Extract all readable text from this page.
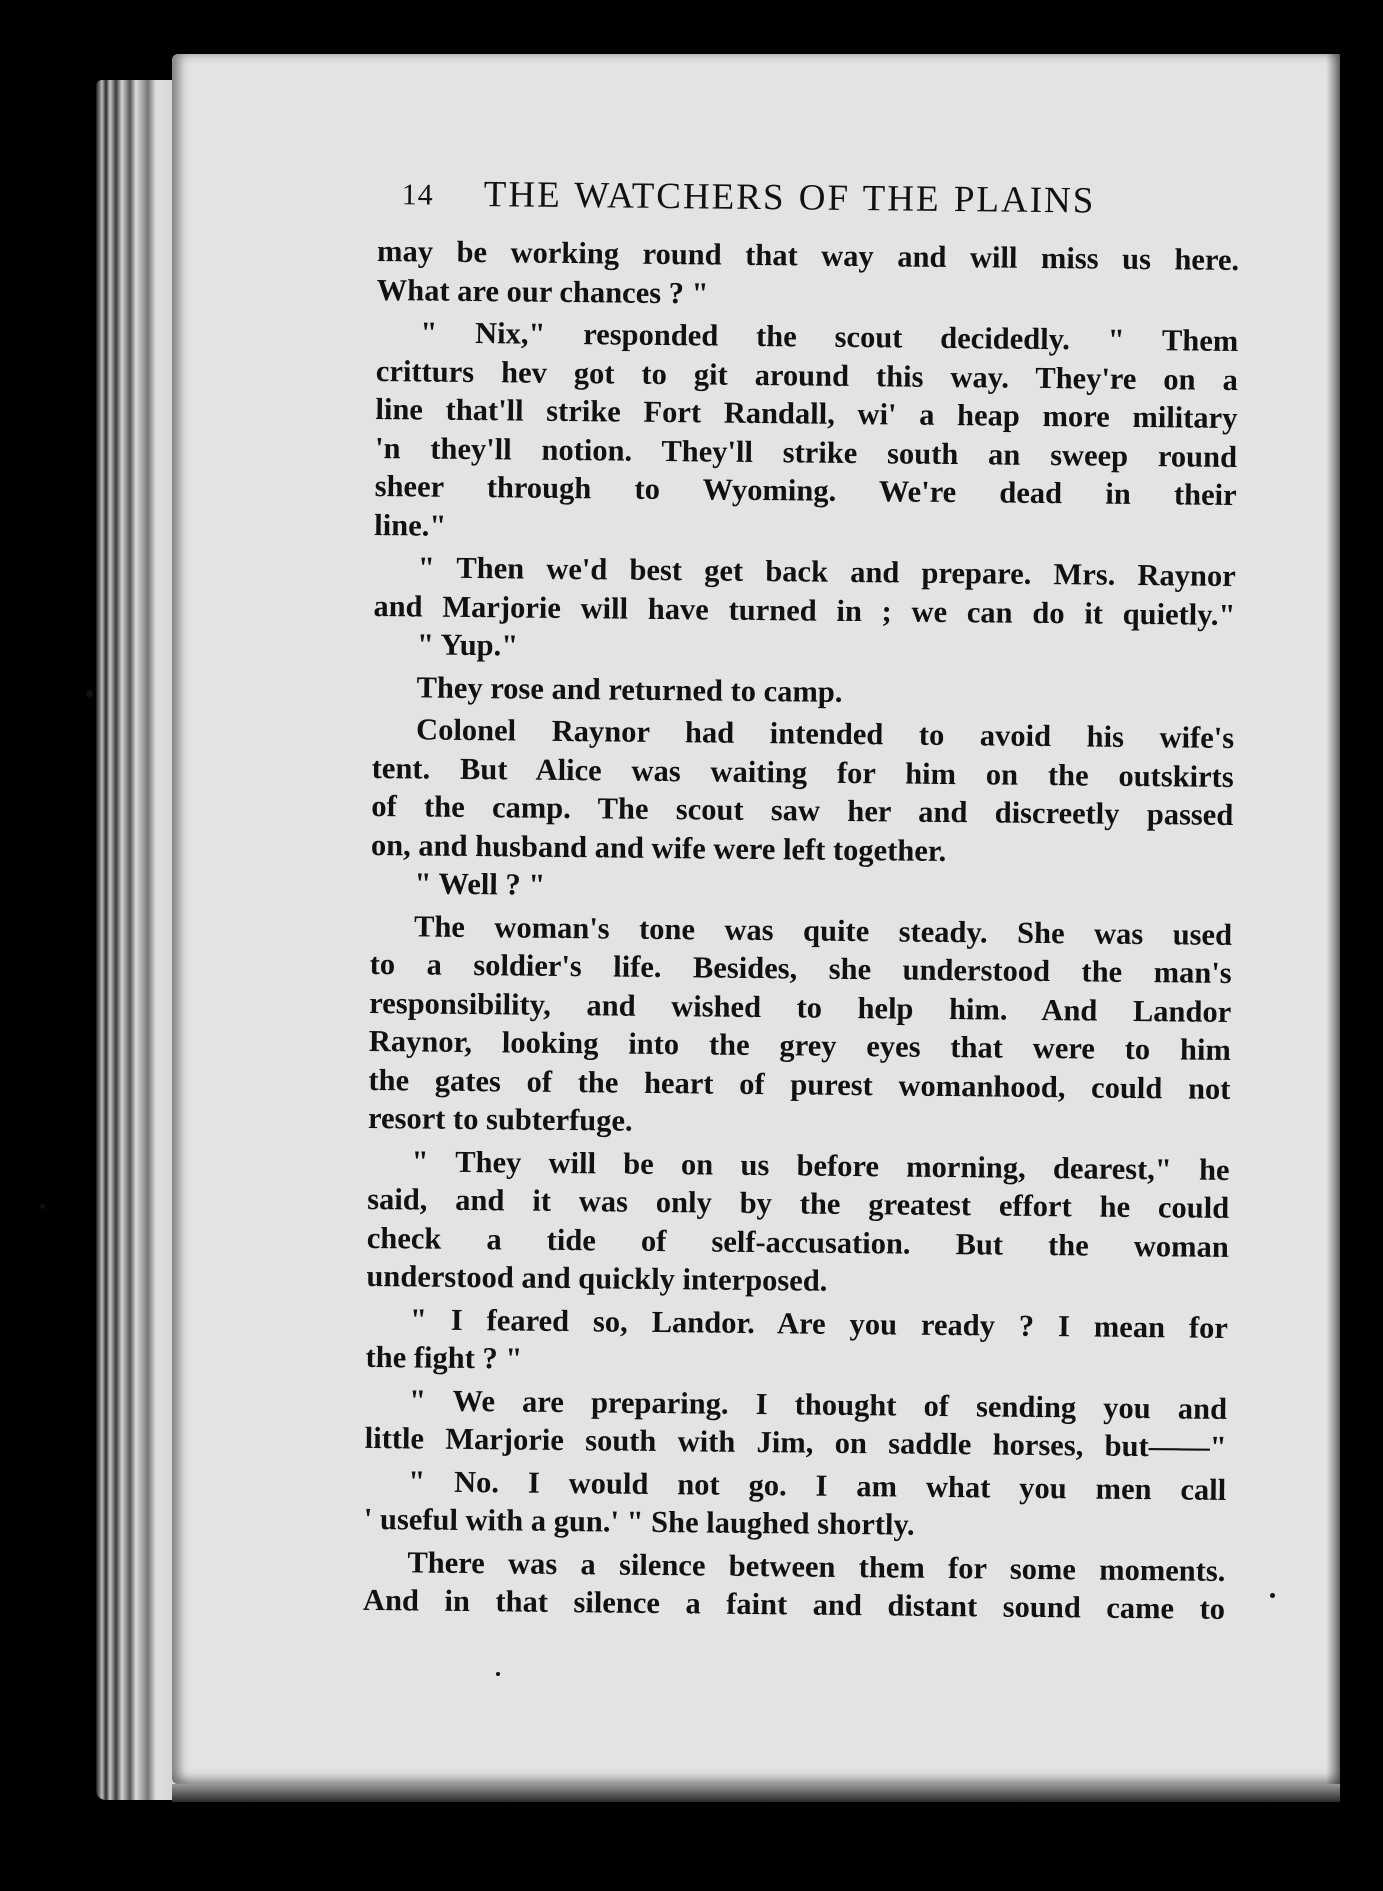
14 THE WATCHERS OF THE PLAINS
may be working round that way and will miss us here.
What are our chances ? "
" Nix," responded the scout decidedly. " Them
critturs hev got to git around this way. They're on a
line that'll strike Fort Randall, wi' a heap more military
'n they'll notion. They'll strike south an sweep round
sheer through to Wyoming. We're dead in their
line."
" Then we'd best get back and prepare. Mrs. Raynor
and Marjorie will have turned in ; we can do it quietly."
" Yup."
They rose and returned to camp.
Colonel Raynor had intended to avoid his wife's
tent. But Alice was waiting for him on the outskirts
of the camp. The scout saw her and discreetly passed
on, and husband and wife were left together.
" Well ? "
The woman's tone was quite steady. She was used
to a soldier's life. Besides, she understood the man's
responsibility, and wished to help him. And Landor
Raynor, looking into the grey eyes that were to him
the gates of the heart of purest womanhood, could not
resort to subterfuge.
" They will be on us before morning, dearest," he
said, and it was only by the greatest effort he could
check a tide of self-accusation. But the woman
understood and quickly interposed.
" I feared so, Landor. Are you ready ? I mean for
the fight ? "
" We are preparing. I thought of sending you and
little Marjorie south with Jim, on saddle horses, but——"
" No. I would not go. I am what you men call
' useful with a gun.' " She laughed shortly.
There was a silence between them for some moments.
And in that silence a faint and distant sound came to
